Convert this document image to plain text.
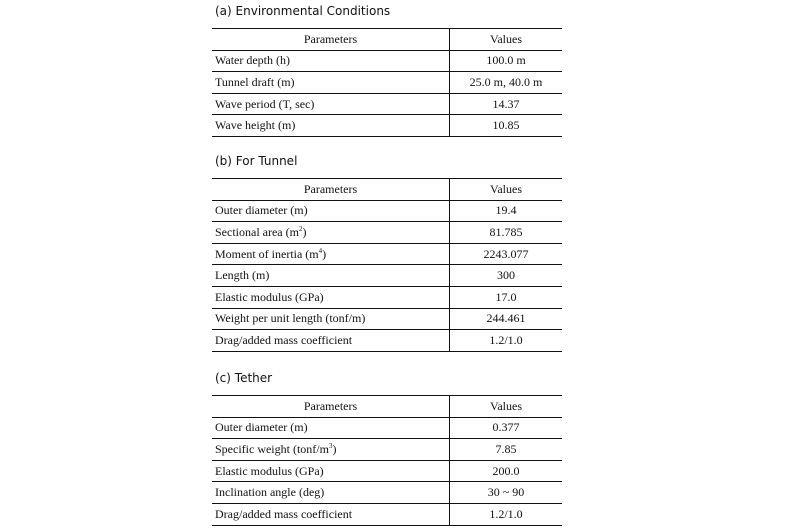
(a) Environmental Conditions
Parameters	Values
Water depth (h)	100.0 m
Tunnel draft (m)	25.0 m, 40.0 m
Wave period (T, sec)	14.37
Wave height (m)	10.85
(b) For Tunnel
Parameters	Values
Outer diameter (m)	19.4
Sectional area $(m^2)$	81.785
Moment of inertia $(m^4)$	2243.077
Length (m)	300
Elastic modulus (GPa)	17.0
Weight per unit length (tonf/m)	244.461
Drag/added mass coefficient	1.2/1.0
(c) Tether
Parameters	Values
Outer diameter (m)	0.377
Specific weight $(tonf/m^3)$	7.85
Elastic modulus (GPa)	200.0
Inclination angle (deg)	30 ~ 90
Drag/added mass coefficient	1.2/1.0
